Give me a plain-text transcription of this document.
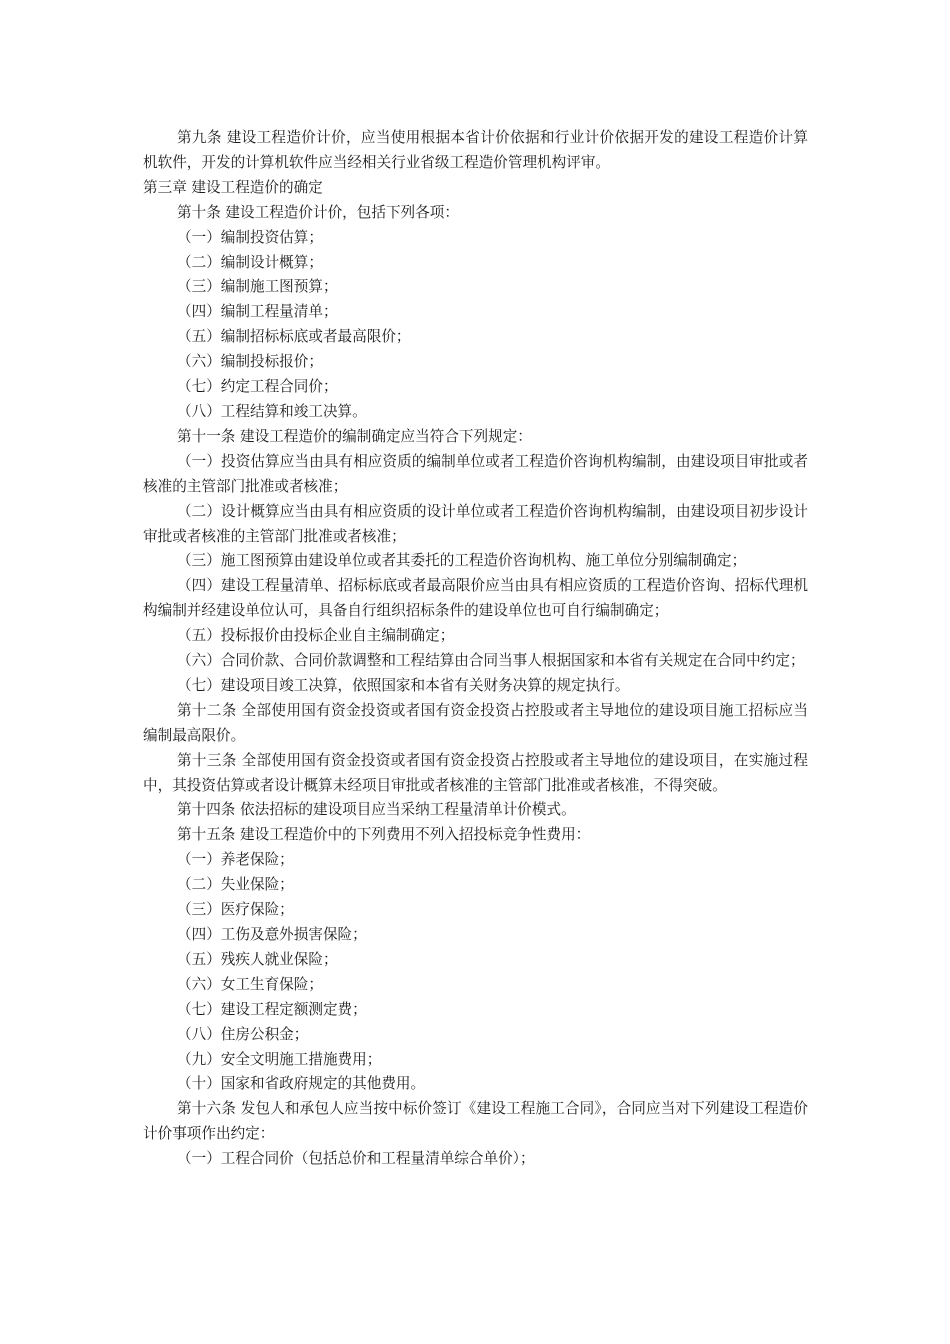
第九条 建设工程造价计价，应当使用根据本省计价依据和行业计价依据开发的建设工程造价计算机软件，开发的计算机软件应当经相关行业省级工程造价管理机构评审。

第三章 建设工程造价的确定

第十条 建设工程造价计价，包括下列各项：

（一）编制投资估算；

（二）编制设计概算；

（三）编制施工图预算；

（四）编制工程量清单；

（五）编制招标标底或者最高限价；

（六）编制投标报价；

（七）约定工程合同价；

（八）工程结算和竣工决算。

第十一条 建设工程造价的编制确定应当符合下列规定：

（一）投资估算应当由具有相应资质的编制单位或者工程造价咨询机构编制，由建设项目审批或者核准的主管部门批准或者核准；

（二）设计概算应当由具有相应资质的设计单位或者工程造价咨询机构编制，由建设项目初步设计审批或者核准的主管部门批准或者核准；

（三）施工图预算由建设单位或者其委托的工程造价咨询机构、施工单位分别编制确定；

（四）建设工程量清单、招标标底或者最高限价应当由具有相应资质的工程造价咨询、招标代理机构编制并经建设单位认可，具备自行组织招标条件的建设单位也可自行编制确定；

（五）投标报价由投标企业自主编制确定；

（六）合同价款、合同价款调整和工程结算由合同当事人根据国家和本省有关规定在合同中约定；

（七）建设项目竣工决算，依照国家和本省有关财务决算的规定执行。

第十二条 全部使用国有资金投资或者国有资金投资占控股或者主导地位的建设项目施工招标应当编制最高限价。

第十三条 全部使用国有资金投资或者国有资金投资占控股或者主导地位的建设项目，在实施过程中，其投资估算或者设计概算未经项目审批或者核准的主管部门批准或者核准，不得突破。

第十四条 依法招标的建设项目应当采纳工程量清单计价模式。

第十五条 建设工程造价中的下列费用不列入招投标竞争性费用：

（一）养老保险；

（二）失业保险；

（三）医疗保险；

（四）工伤及意外损害保险；

（五）残疾人就业保险；

（六）女工生育保险；

（七）建设工程定额测定费；

（八）住房公积金；

（九）安全文明施工措施费用；

（十）国家和省政府规定的其他费用。

第十六条 发包人和承包人应当按中标价签订《建设工程施工合同》，合同应当对下列建设工程造价计价事项作出约定：

（一）工程合同价（包括总价和工程量清单综合单价）；
